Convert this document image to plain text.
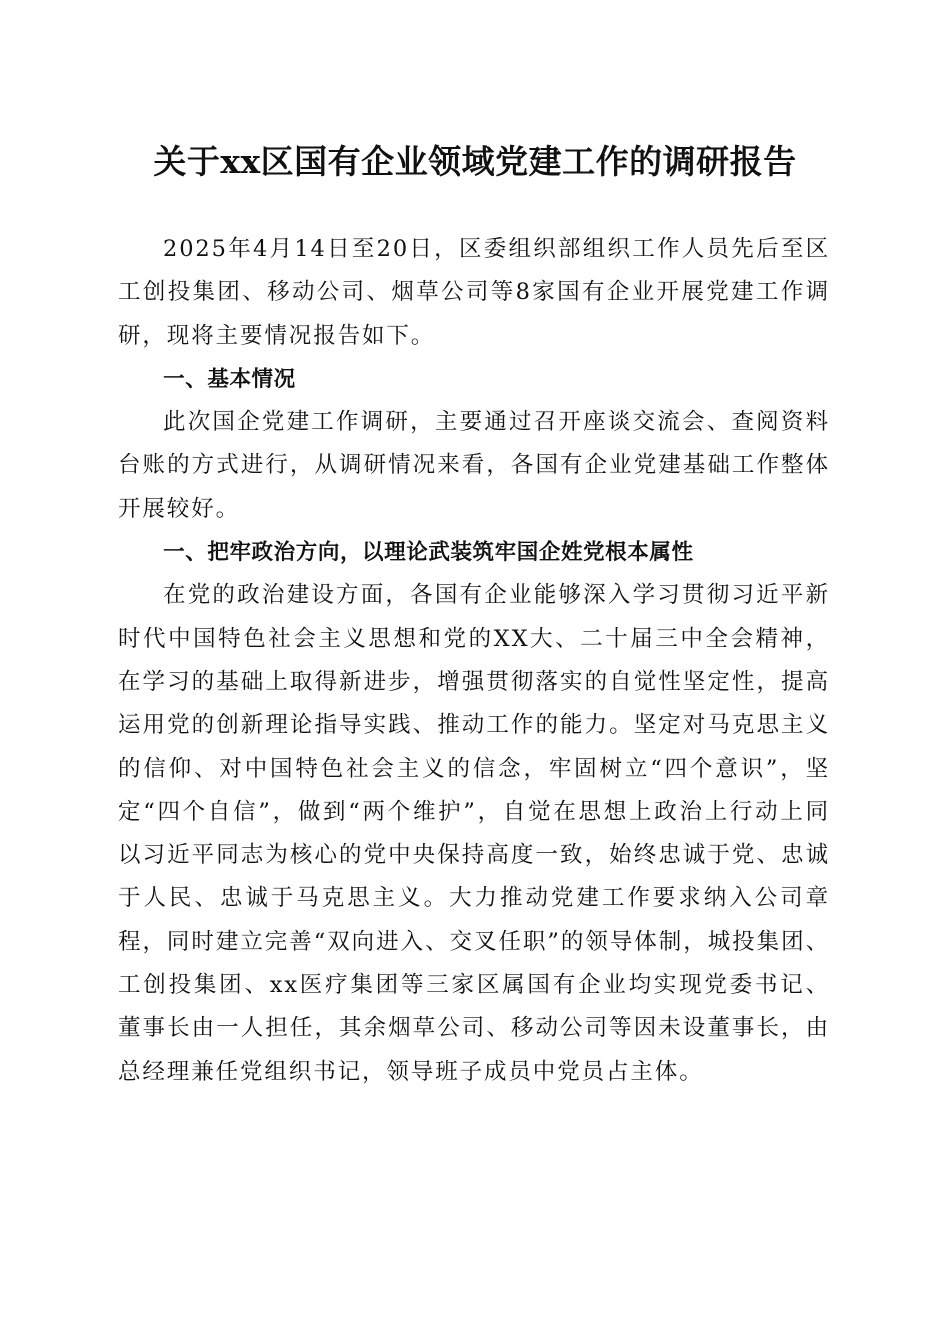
关于xx区国有企业领域党建工作的调研报告

2025年4月14日至20日，区委组织部组织工作人员先后至区工创投集团、移动公司、烟草公司等8家国有企业开展党建工作调研，现将主要情况报告如下。

一、基本情况

此次国企党建工作调研，主要通过召开座谈交流会、查阅资料台账的方式进行，从调研情况来看，各国有企业党建基础工作整体开展较好。

一、把牢政治方向，以理论武装筑牢国企姓党根本属性

在党的政治建设方面，各国有企业能够深入学习贯彻习近平新时代中国特色社会主义思想和党的XX大、二十届三中全会精神，在学习的基础上取得新进步，增强贯彻落实的自觉性坚定性，提高运用党的创新理论指导实践、推动工作的能力。坚定对马克思主义的信仰、对中国特色社会主义的信念，牢固树立“四个意识”，坚定“四个自信”，做到“两个维护”，自觉在思想上政治上行动上同以习近平同志为核心的党中央保持高度一致，始终忠诚于党、忠诚于人民、忠诚于马克思主义。大力推动党建工作要求纳入公司章程，同时建立完善“双向进入、交叉任职”的领导体制，城投集团、工创投集团、xx医疗集团等三家区属国有企业均实现党委书记、董事长由一人担任，其余烟草公司、移动公司等因未设董事长，由总经理兼任党组织书记，领导班子成员中党员占主体。
